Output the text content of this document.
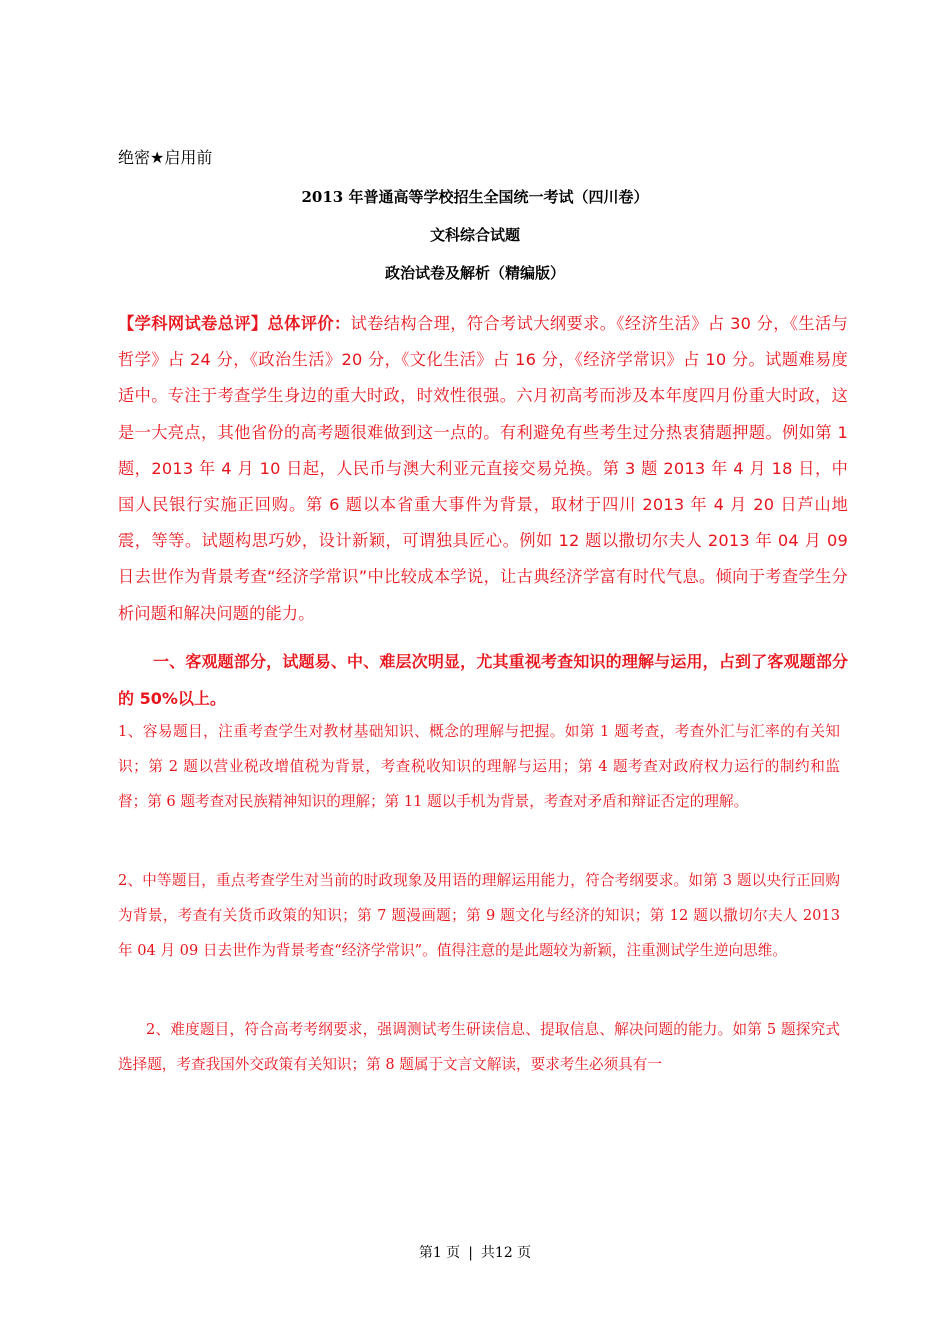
绝密★启用前
2013 年普通高等学校招生全国统一考试（四川卷）
文科综合试题
政治试卷及解析（精编版）
【学科网试卷总评】总体评价：试卷结构合理，符合考试大纲要求。《经济生活》占 30 分，《生活与哲学》占 24 分，《政治生活》20 分，《文化生活》占 16 分，《经济学常识》占 10 分。试题难易度适中。专注于考查学生身边的重大时政，时效性很强。六月初高考而涉及本年度四月份重大时政，这是一大亮点，其他省份的高考题很难做到这一点的。有利避免有些考生过分热衷猜题押题。例如第 1 题，2013 年 4 月 10 日起，人民币与澳大利亚元直接交易兑换。第 3 题 2013 年 4 月 18 日，中国人民银行实施正回购。第 6 题以本省重大事件为背景，取材于四川 2013 年 4 月 20 日芦山地震，等等。试题构思巧妙，设计新颖，可谓独具匠心。例如 12 题以撒切尔夫人 2013 年 04 月 09 日去世作为背景考查“经济学常识”中比较成本学说，让古典经济学富有时代气息。倾向于考查学生分析问题和解决问题的能力。
一、客观题部分，试题易、中、难层次明显，尤其重视考查知识的理解与运用，占到了客观题部分的 50%以上。
1、容易题目，注重考查学生对教材基础知识、概念的理解与把握。如第 1 题考查，考查外汇与汇率的有关知识；第 2 题以营业税改增值税为背景，考查税收知识的理解与运用；第 4 题考查对政府权力运行的制约和监督；第 6 题考查对民族精神知识的理解；第 11 题以手机为背景，考查对矛盾和辩证否定的理解。
2、中等题目，重点考查学生对当前的时政现象及用语的理解运用能力，符合考纲要求。如第 3 题以央行正回购为背景，考查有关货币政策的知识；第 7 题漫画题；第 9 题文化与经济的知识；第 12 题以撒切尔夫人 2013 年 04 月 09 日去世作为背景考查“经济学常识”。值得注意的是此题较为新颖，注重测试学生逆向思维。
2、难度题目，符合高考考纲要求，强调测试考生研读信息、提取信息、解决问题的能力。如第 5 题探究式选择题，考查我国外交政策有关知识；第 8 题属于文言文解读，要求考生必须具有一
第1 页 | 共12 页
